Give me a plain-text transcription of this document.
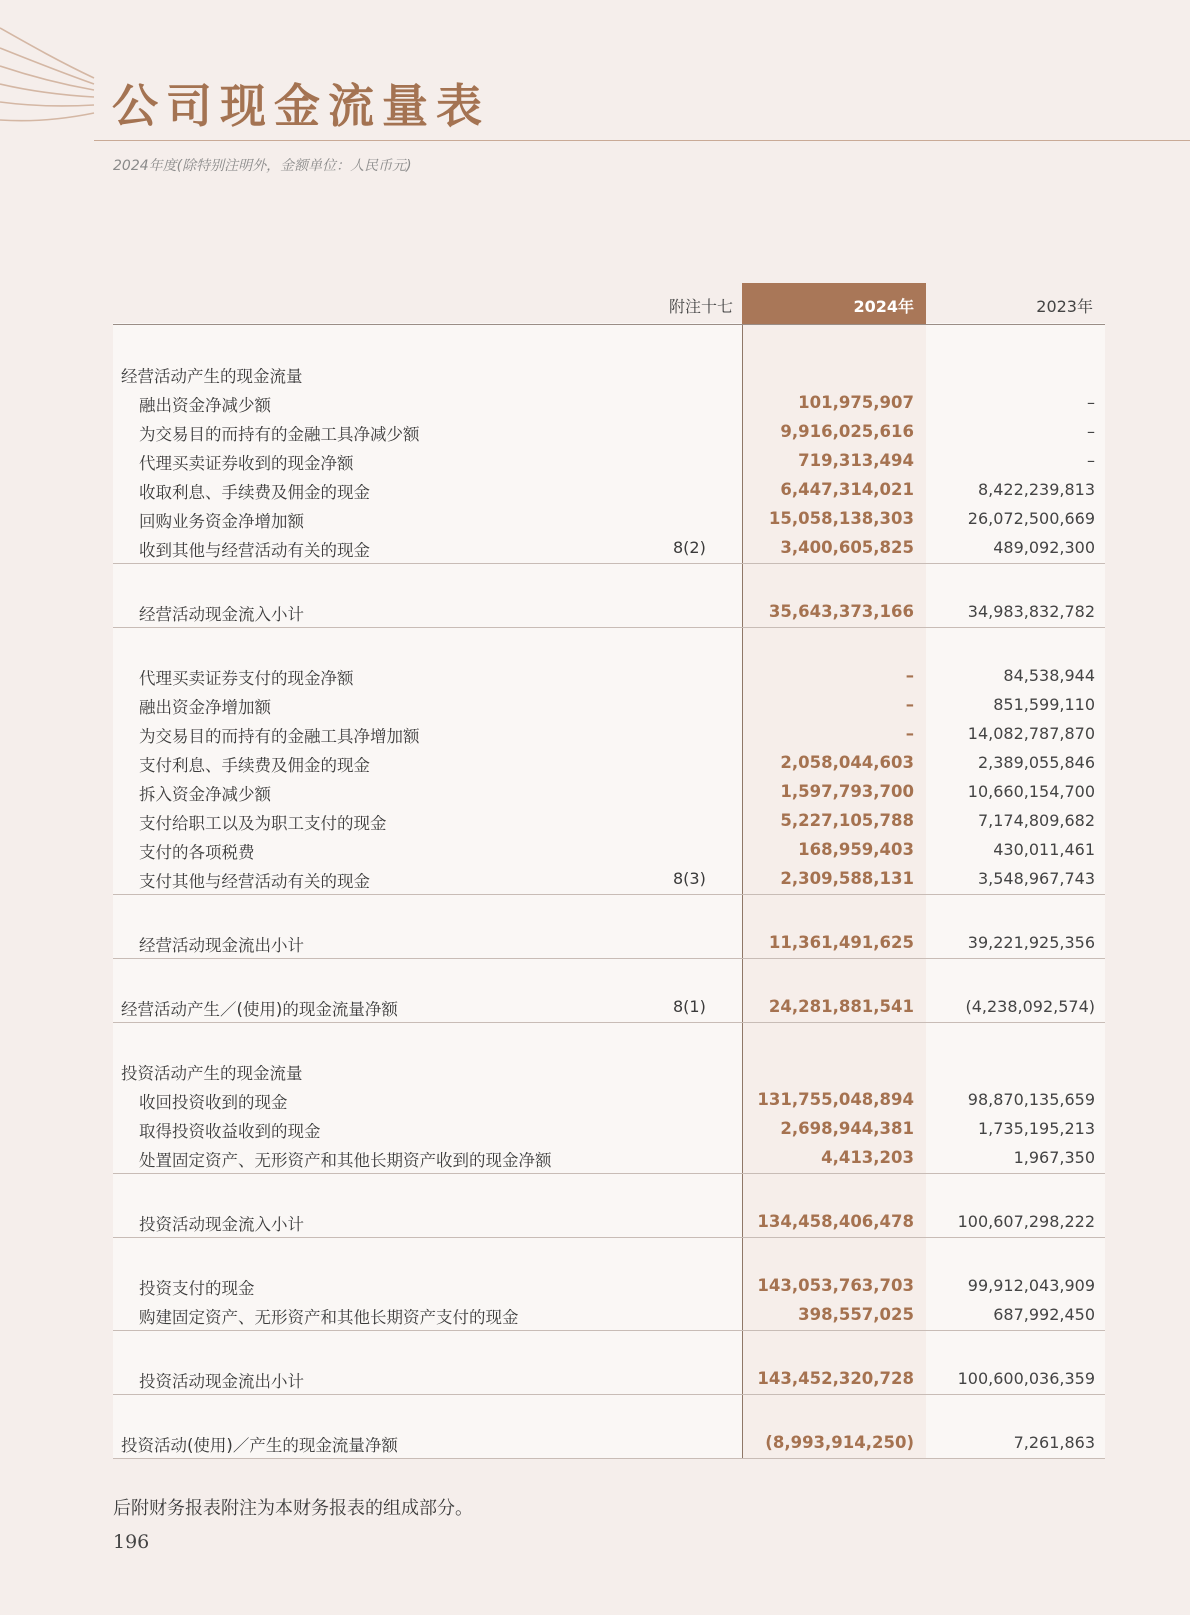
公司现金流量表
2024年度(除特别注明外，金额单位：人民币元)
附注十七	2024年	2023年
经营活动产生的现金流量
融出资金净减少额	101,975,907	–
为交易目的而持有的金融工具净减少额	9,916,025,616	–
代理买卖证券收到的现金净额	719,313,494	–
收取利息、手续费及佣金的现金	6,447,314,021	8,422,239,813
回购业务资金净增加额	15,058,138,303	26,072,500,669
收到其他与经营活动有关的现金	8(2)	3,400,605,825	489,092,300
经营活动现金流入小计	35,643,373,166	34,983,832,782
代理买卖证券支付的现金净额	–	84,538,944
融出资金净增加额	–	851,599,110
为交易目的而持有的金融工具净增加额	–	14,082,787,870
支付利息、手续费及佣金的现金	2,058,044,603	2,389,055,846
拆入资金净减少额	1,597,793,700	10,660,154,700
支付给职工以及为职工支付的现金	5,227,105,788	7,174,809,682
支付的各项税费	168,959,403	430,011,461
支付其他与经营活动有关的现金	8(3)	2,309,588,131	3,548,967,743
经营活动现金流出小计	11,361,491,625	39,221,925,356
经营活动产生／(使用)的现金流量净额	8(1)	24,281,881,541	(4,238,092,574)
投资活动产生的现金流量
收回投资收到的现金	131,755,048,894	98,870,135,659
取得投资收益收到的现金	2,698,944,381	1,735,195,213
处置固定资产、无形资产和其他长期资产收到的现金净额	4,413,203	1,967,350
投资活动现金流入小计	134,458,406,478	100,607,298,222
投资支付的现金	143,053,763,703	99,912,043,909
购建固定资产、无形资产和其他长期资产支付的现金	398,557,025	687,992,450
投资活动现金流出小计	143,452,320,728	100,600,036,359
投资活动(使用)／产生的现金流量净额	(8,993,914,250)	7,261,863
后附财务报表附注为本财务报表的组成部分。
196
